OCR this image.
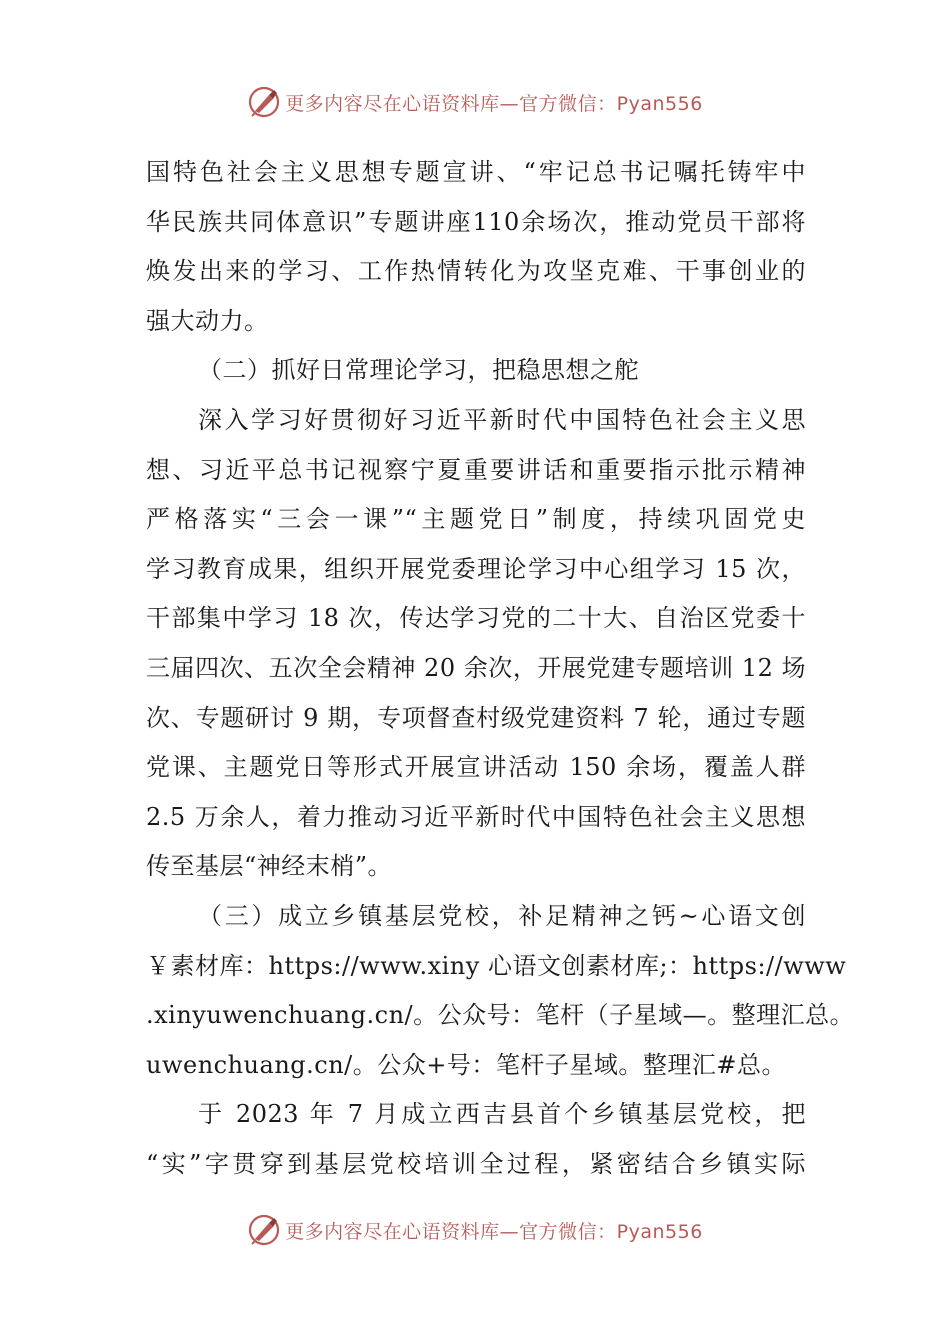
更多内容尽在心语资料库—官方微信：Pyan556
国特色社会主义思想专题宣讲、“牢记总书记嘱托铸牢中
华民族共同体意识”专题讲座110余场次，推动党员干部将
焕发出来的学习、工作热情转化为攻坚克难、干事创业的
强大动力。
（二）抓好日常理论学习，把稳思想之舵
深入学习好贯彻好习近平新时代中国特色社会主义思
想、习近平总书记视察宁夏重要讲话和重要指示批示精神
严格落实“三会一课”“主题党日”制度，持续巩固党史
学习教育成果，组织开展党委理论学习中心组学习 15 次，
干部集中学习 18 次，传达学习党的二十大、自治区党委十
三届四次、五次全会精神 20 余次，开展党建专题培训 12 场
次、专题研讨 9 期，专项督查村级党建资料 7 轮，通过专题
党课、主题党日等形式开展宣讲活动 150 余场，覆盖人群
2.5 万余人，着力推动习近平新时代中国特色社会主义思想
传至基层“神经末梢”。
（三）成立乡镇基层党校，补足精神之钙~心语文创
￥素材库：https://www.xiny 心语文创素材库;：https://www
.xinyuwenchuang.cn/。公众号：笔杆（子星域—。整理汇总。
uwenchuang.cn/。公众+号：笔杆子星域。整理汇#总。
于 2023 年 7 月成立西吉县首个乡镇基层党校，把
“实”字贯穿到基层党校培训全过程，紧密结合乡镇实际
更多内容尽在心语资料库—官方微信：Pyan556
